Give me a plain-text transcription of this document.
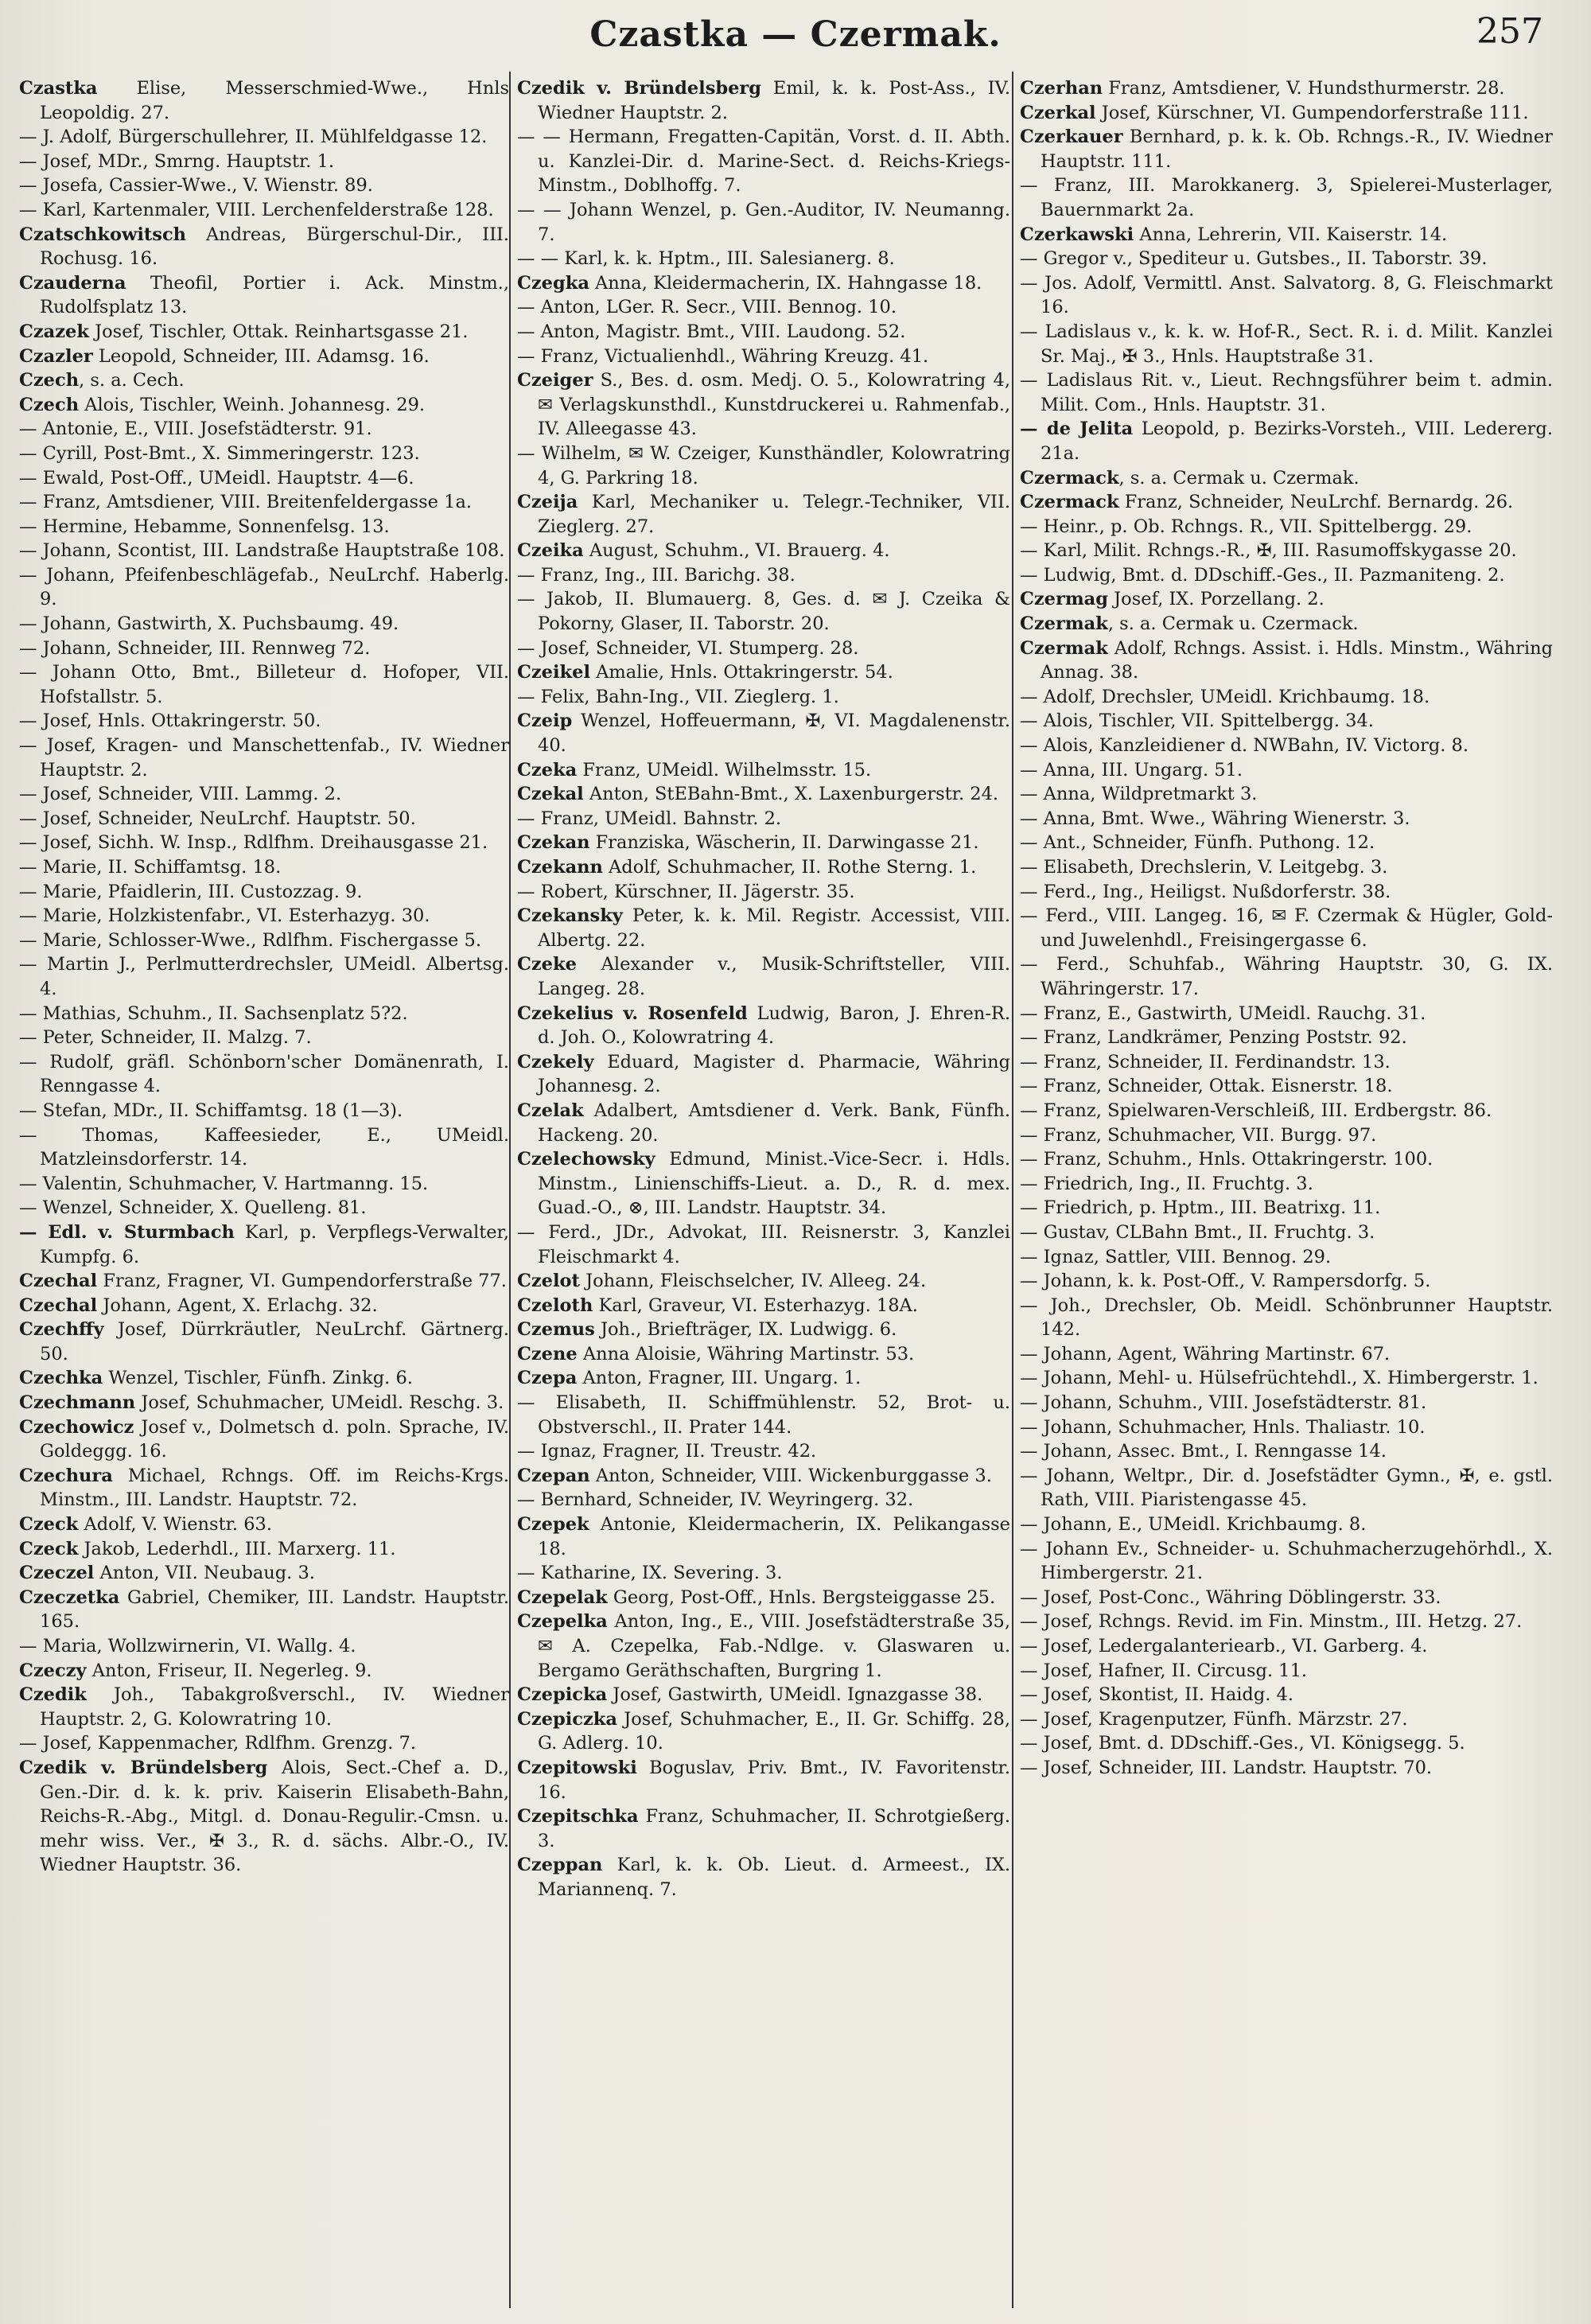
Czastka — Czermak.	257

Czastka Elise, Messerschmied-Wwe., Hnls Leopoldig. 27.

— J. Adolf, Bürgerschullehrer, II. Mühlfeldgasse 12.

— Josef, MDr., Smrng. Hauptstr. 1.

— Josefa, Cassier-Wwe., V. Wienstr. 89.

— Karl, Kartenmaler, VIII. Lerchenfelderstraße 128.

Czatschkowitsch Andreas, Bürgerschul-Dir., III. Rochusg. 16.

Czauderna Theofil, Portier i. Ack. Minstm., Rudolfsplatz 13.

Czazek Josef, Tischler, Ottak. Reinhartsgasse 21.

Czazler Leopold, Schneider, III. Adamsg. 16.

Czech, s. a. Cech.

Czech Alois, Tischler, Weinh. Johannesg. 29.

— Antonie, E., VIII. Josefstädterstr. 91.

— Cyrill, Post-Bmt., X. Simmeringerstr. 123.

— Ewald, Post-Off., UMeidl. Hauptstr. 4—6.

— Franz, Amtsdiener, VIII. Breitenfeldergasse 1a.

— Hermine, Hebamme, Sonnenfelsg. 13.

— Johann, Scontist, III. Landstraße Hauptstraße 108.

— Johann, Pfeifenbeschlägefab., NeuLrchf. Haberlg. 9.

— Johann, Gastwirth, X. Puchsbaumg. 49.

— Johann, Schneider, III. Rennweg 72.

— Johann Otto, Bmt., Billeteur d. Hofoper, VII. Hofstallstr. 5.

— Josef, Hnls. Ottakringerstr. 50.

— Josef, Kragen- und Manschettenfab., IV. Wiedner Hauptstr. 2.

— Josef, Schneider, VIII. Lammg. 2.

— Josef, Schneider, NeuLrchf. Hauptstr. 50.

— Josef, Sichh. W. Insp., Rdlfhm. Dreihausgasse 21.

— Marie, II. Schiffamtsg. 18.

— Marie, Pfaidlerin, III. Custozzag. 9.

— Marie, Holzkistenfabr., VI. Esterhazyg. 30.

— Marie, Schlosser-Wwe., Rdlfhm. Fischergasse 5.

— Martin J., Perlmutterdrechsler, UMeidl. Albertsg. 4.

— Mathias, Schuhm., II. Sachsenplatz 5?2.

— Peter, Schneider, II. Malzg. 7.

— Rudolf, gräfl. Schönborn'scher Domänenrath, I. Renngasse 4.

— Stefan, MDr., II. Schiffamtsg. 18 (1—3).

— Thomas, Kaffeesieder, E., UMeidl. Matzleinsdorferstr. 14.

— Valentin, Schuhmacher, V. Hartmanng. 15.

— Wenzel, Schneider, X. Quelleng. 81.

— Edl. v. Sturmbach Karl, p. Verpflegs-Verwalter, Kumpfg. 6.

Czechal Franz, Fragner, VI. Gumpendorferstraße 77.

Czechal Johann, Agent, X. Erlachg. 32.

Czechffy Josef, Dürrkräutler, NeuLrchf. Gärtnerg. 50.

Czechka Wenzel, Tischler, Fünfh. Zinkg. 6.

Czechmann Josef, Schuhmacher, UMeidl. Reschg. 3.

Czechowicz Josef v., Dolmetsch d. poln. Sprache, IV. Goldeggg. 16.

Czechura Michael, Rchngs. Off. im Reichs-Krgs. Minstm., III. Landstr. Hauptstr. 72.

Czeck Adolf, V. Wienstr. 63.

Czeck Jakob, Lederhdl., III. Marxerg. 11.

Czeczel Anton, VII. Neubaug. 3.

Czeczetka Gabriel, Chemiker, III. Landstr. Hauptstr. 165.

— Maria, Wollzwirnerin, VI. Wallg. 4.

Czeczy Anton, Friseur, II. Negerleg. 9.

Czedik Joh., Tabakgroßverschl., IV. Wiedner Hauptstr. 2, G. Kolowratring 10.

— Josef, Kappenmacher, Rdlfhm. Grenzg. 7.

Czedik v. Bründelsberg Alois, Sect.-Chef a. D., Gen.-Dir. d. k. k. priv. Kaiserin Elisabeth-Bahn, Reichs-R.-Abg., Mitgl. d. Donau-Regulir.-Cmsn. u. mehr wiss. Ver., ✠ 3., R. d. sächs. Albr.-O., IV. Wiedner Hauptstr. 36.

Czedik v. Bründelsberg Emil, k. k. Post-Ass., IV. Wiedner Hauptstr. 2.

— — Hermann, Fregatten-Capitän, Vorst. d. II. Abth. u. Kanzlei-Dir. d. Marine-Sect. d. Reichs-Kriegs-Minstm., Doblhoffg. 7.

— — Johann Wenzel, p. Gen.-Auditor, IV. Neumanng. 7.

— — Karl, k. k. Hptm., III. Salesianerg. 8.

Czegka Anna, Kleidermacherin, IX. Hahngasse 18.

— Anton, LGer. R. Secr., VIII. Bennog. 10.

— Anton, Magistr. Bmt., VIII. Laudong. 52.

— Franz, Victualienhdl., Währing Kreuzg. 41.

Czeiger S., Bes. d. osm. Medj. O. 5., Kolowratring 4, ✉ Verlagskunsthdl., Kunstdruckerei u. Rahmenfab., IV. Alleegasse 43.

— Wilhelm, ✉ W. Czeiger, Kunsthändler, Kolowratring 4, G. Parkring 18.

Czeija Karl, Mechaniker u. Telegr.-Techniker, VII. Zieglerg. 27.

Czeika August, Schuhm., VI. Brauerg. 4.

— Franz, Ing., III. Barichg. 38.

— Jakob, II. Blumauerg. 8, Ges. d. ✉ J. Czeika & Pokorny, Glaser, II. Taborstr. 20.

— Josef, Schneider, VI. Stumperg. 28.

Czeikel Amalie, Hnls. Ottakringerstr. 54.

— Felix, Bahn-Ing., VII. Zieglerg. 1.

Czeip Wenzel, Hoffeuermann, ✠, VI. Magdalenenstr. 40.

Czeka Franz, UMeidl. Wilhelmsstr. 15.

Czekal Anton, StEBahn-Bmt., X. Laxenburgerstr. 24.

— Franz, UMeidl. Bahnstr. 2.

Czekan Franziska, Wäscherin, II. Darwingasse 21.

Czekann Adolf, Schuhmacher, II. Rothe Sterng. 1.

— Robert, Kürschner, II. Jägerstr. 35.

Czekansky Peter, k. k. Mil. Registr. Accessist, VIII. Albertg. 22.

Czeke Alexander v., Musik-Schriftsteller, VIII. Langeg. 28.

Czekelius v. Rosenfeld Ludwig, Baron, J. Ehren-R. d. Joh. O., Kolowratring 4.

Czekely Eduard, Magister d. Pharmacie, Währing Johannesg. 2.

Czelak Adalbert, Amtsdiener d. Verk. Bank, Fünfh. Hackeng. 20.

Czelechowsky Edmund, Minist.-Vice-Secr. i. Hdls. Minstm., Linienschiffs-Lieut. a. D., R. d. mex. Guad.-O., ⊗, III. Landstr. Hauptstr. 34.

— Ferd., JDr., Advokat, III. Reisnerstr. 3, Kanzlei Fleischmarkt 4.

Czelot Johann, Fleischselcher, IV. Alleeg. 24.

Czeloth Karl, Graveur, VI. Esterhazyg. 18A.

Czemus Joh., Briefträger, IX. Ludwigg. 6.

Czene Anna Aloisie, Währing Martinstr. 53.

Czepa Anton, Fragner, III. Ungarg. 1.

— Elisabeth, II. Schiffmühlenstr. 52, Brot- u. Obstverschl., II. Prater 144.

— Ignaz, Fragner, II. Treustr. 42.

Czepan Anton, Schneider, VIII. Wickenburggasse 3.

— Bernhard, Schneider, IV. Weyringerg. 32.

Czepek Antonie, Kleidermacherin, IX. Pelikangasse 18.

— Katharine, IX. Severing. 3.

Czepelak Georg, Post-Off., Hnls. Bergsteiggasse 25.

Czepelka Anton, Ing., E., VIII. Josefstädterstraße 35, ✉ A. Czepelka, Fab.-Ndlge. v. Glaswaren u. Bergamo Geräthschaften, Burgring 1.

Czepicka Josef, Gastwirth, UMeidl. Ignazgasse 38.

Czepiczka Josef, Schuhmacher, E., II. Gr. Schiffg. 28, G. Adlerg. 10.

Czepitowski Boguslav, Priv. Bmt., IV. Favoritenstr. 16.

Czepitschka Franz, Schuhmacher, II. Schrotgießerg. 3.

Czeppan Karl, k. k. Ob. Lieut. d. Armeest., IX. Mariannenq. 7.

Czerhan Franz, Amtsdiener, V. Hundsthurmerstr. 28.

Czerkal Josef, Kürschner, VI. Gumpendorferstraße 111.

Czerkauer Bernhard, p. k. k. Ob. Rchngs.-R., IV. Wiedner Hauptstr. 111.

— Franz, III. Marokkanerg. 3, Spielerei-Musterlager, Bauernmarkt 2a.

Czerkawski Anna, Lehrerin, VII. Kaiserstr. 14.

— Gregor v., Spediteur u. Gutsbes., II. Taborstr. 39.

— Jos. Adolf, Vermittl. Anst. Salvatorg. 8, G. Fleischmarkt 16.

— Ladislaus v., k. k. w. Hof-R., Sect. R. i. d. Milit. Kanzlei Sr. Maj., ✠ 3., Hnls. Hauptstraße 31.

— Ladislaus Rit. v., Lieut. Rechngsführer beim t. admin. Milit. Com., Hnls. Hauptstr. 31.

— de Jelita Leopold, p. Bezirks-Vorsteh., VIII. Ledererg. 21a.

Czermack, s. a. Cermak u. Czermak.

Czermack Franz, Schneider, NeuLrchf. Bernardg. 26.

— Heinr., p. Ob. Rchngs. R., VII. Spittelbergg. 29.

— Karl, Milit. Rchngs.-R., ✠, III. Rasumoffskygasse 20.

— Ludwig, Bmt. d. DDschiff.-Ges., II. Pazmaniteng. 2.

Czermag Josef, IX. Porzellang. 2.

Czermak, s. a. Cermak u. Czermack.

Czermak Adolf, Rchngs. Assist. i. Hdls. Minstm., Währing Annag. 38.

— Adolf, Drechsler, UMeidl. Krichbaumg. 18.

— Alois, Tischler, VII. Spittelbergg. 34.

— Alois, Kanzleidiener d. NWBahn, IV. Victorg. 8.

— Anna, III. Ungarg. 51.

— Anna, Wildpretmarkt 3.

— Anna, Bmt. Wwe., Währing Wienerstr. 3.

— Ant., Schneider, Fünfh. Puthong. 12.

— Elisabeth, Drechslerin, V. Leitgebg. 3.

— Ferd., Ing., Heiligst. Nußdorferstr. 38.

— Ferd., VIII. Langeg. 16, ✉ F. Czermak & Hügler, Gold- und Juwelenhdl., Freisingergasse 6.

— Ferd., Schuhfab., Währing Hauptstr. 30, G. IX. Währingerstr. 17.

— Franz, E., Gastwirth, UMeidl. Rauchg. 31.

— Franz, Landkrämer, Penzing Poststr. 92.

— Franz, Schneider, II. Ferdinandstr. 13.

— Franz, Schneider, Ottak. Eisnerstr. 18.

— Franz, Spielwaren-Verschleiß, III. Erdbergstr. 86.

— Franz, Schuhmacher, VII. Burgg. 97.

— Franz, Schuhm., Hnls. Ottakringerstr. 100.

— Friedrich, Ing., II. Fruchtg. 3.

— Friedrich, p. Hptm., III. Beatrixg. 11.

— Gustav, CLBahn Bmt., II. Fruchtg. 3.

— Ignaz, Sattler, VIII. Bennog. 29.

— Johann, k. k. Post-Off., V. Rampersdorfg. 5.

— Joh., Drechsler, Ob. Meidl. Schönbrunner Hauptstr. 142.

— Johann, Agent, Währing Martinstr. 67.

— Johann, Mehl- u. Hülsefrüchtehdl., X. Himbergerstr. 1.

— Johann, Schuhm., VIII. Josefstädterstr. 81.

— Johann, Schuhmacher, Hnls. Thaliastr. 10.

— Johann, Assec. Bmt., I. Renngasse 14.

— Johann, Weltpr., Dir. d. Josefstädter Gymn., ✠, e. gstl. Rath, VIII. Piaristengasse 45.

— Johann, E., UMeidl. Krichbaumg. 8.

— Johann Ev., Schneider- u. Schuhmacherzugehörhdl., X. Himbergerstr. 21.

— Josef, Post-Conc., Währing Döblingerstr. 33.

— Josef, Rchngs. Revid. im Fin. Minstm., III. Hetzg. 27.

— Josef, Ledergalanteriearb., VI. Garberg. 4.

— Josef, Hafner, II. Circusg. 11.

— Josef, Skontist, II. Haidg. 4.

— Josef, Kragenputzer, Fünfh. Märzstr. 27.

— Josef, Bmt. d. DDschiff.-Ges., VI. Königsegg. 5.

— Josef, Schneider, III. Landstr. Hauptstr. 70.
